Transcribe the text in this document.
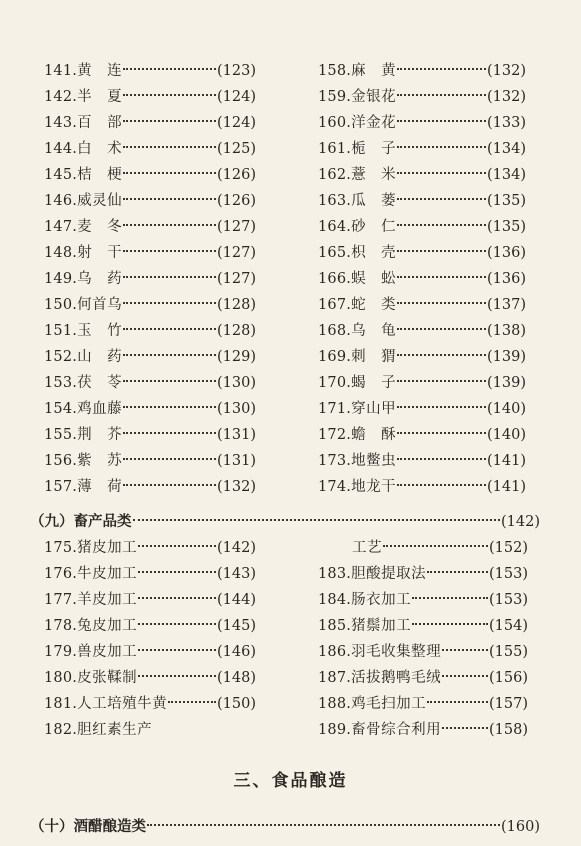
141. 黄　连	(123)
142. 半　夏	(124)
143. 百　部	(124)
144. 白　术	(125)
145. 桔　梗	(126)
146. 威灵仙	(126)
147. 麦　冬	(127)
148. 射　干	(127)
149. 乌　药	(127)
150. 何首乌	(128)
151. 玉　竹	(128)
152. 山　药	(129)
153. 茯　苓	(130)
154. 鸡血藤	(130)
155. 荆　芥	(131)
156. 紫　苏	(131)
157. 薄　荷	(132)
158. 麻　黄	(132)
159. 金银花	(132)
160. 洋金花	(133)
161. 栀　子	(134)
162. 薏　米	(134)
163. 瓜　蒌	(135)
164. 砂　仁	(135)
165. 枳　壳	(136)
166. 蜈　蚣	(136)
167. 蛇　类	(137)
168. 乌　龟	(138)
169. 刺　猬	(139)
170. 蝎　子	(139)
171. 穿山甲	(140)
172. 蟾　酥	(140)
173. 地鳖虫	(141)
174. 地龙干	(141)
（九）畜产品类	(142)
175. 猪皮加工	(142)
176. 牛皮加工	(143)
177. 羊皮加工	(144)
178. 兔皮加工	(145)
179. 兽皮加工	(146)
180. 皮张鞣制	(148)
181. 人工培殖牛黄	(150)
182. 胆红素生产
工艺	(152)
183. 胆酸提取法	(153)
184. 肠衣加工	(153)
185. 猪鬃加工	(154)
186. 羽毛收集整理	(155)
187. 活拔鹅鸭毛绒	(156)
188. 鸡毛扫加工	(157)
189. 畜骨综合利用	(158)
三、食品酿造
（十）酒醋酿造类	(160)
